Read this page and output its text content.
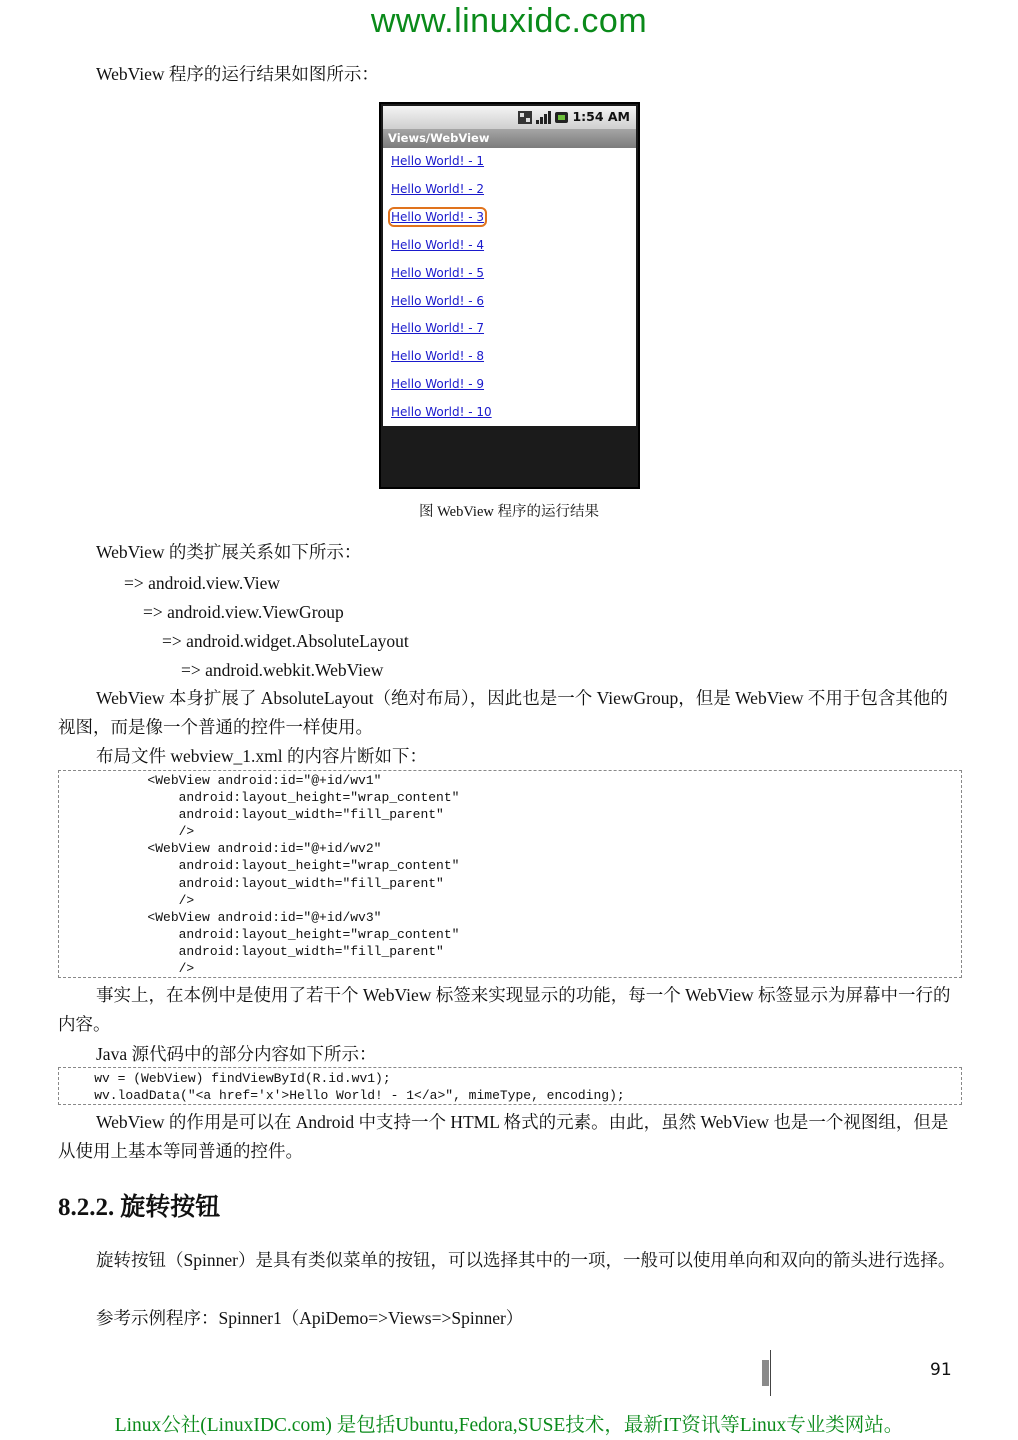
www.linuxidc.com
WebView 程序的运行结果如图所示：
1:54 AM
Views/WebView
Hello World! - 1
Hello World! - 2
Hello World! - 3
Hello World! - 4
Hello World! - 5
Hello World! - 6
Hello World! - 7
Hello World! - 8
Hello World! - 9
Hello World! - 10
图 WebView 程序的运行结果
WebView 的类扩展关系如下所示：
=> android.view.View
=> android.view.ViewGroup
=> android.widget.AbsoluteLayout
=> android.webkit.WebView
WebView 本身扩展了 AbsoluteLayout（绝对布局），因此也是一个 ViewGroup，但是 WebView 不用于包含其他的视图，而是像一个普通的控件一样使用。
布局文件 webview_1.xml 的内容片断如下：
<WebView android:id="@+id/wv1"
android:layout_height="wrap_content"
android:layout_width="fill_parent"
/>
<WebView android:id="@+id/wv2"
android:layout_height="wrap_content"
android:layout_width="fill_parent"
/>
<WebView android:id="@+id/wv3"
android:layout_height="wrap_content"
android:layout_width="fill_parent"
/>
事实上，在本例中是使用了若干个 WebView 标签来实现显示的功能，每一个 WebView 标签显示为屏幕中一行的内容。
Java 源代码中的部分内容如下所示：
wv = (WebView) findViewById(R.id.wv1);
wv.loadData("<a href='x'>Hello World! - 1</a>", mimeType, encoding);
WebView 的作用是可以在 Android 中支持一个 HTML 格式的元素。由此，虽然 WebView 也是一个视图组，但是从使用上基本等同普通的控件。
8.2.2. 旋转按钮
旋转按钮（Spinner）是具有类似菜单的按钮，可以选择其中的一项，一般可以使用单向和双向的箭头进行选择。
参考示例程序：Spinner1（ApiDemo=>Views=>Spinner）
91
Linux公社(LinuxIDC.com) 是包括Ubuntu,Fedora,SUSE技术，最新IT资讯等Linux专业类网站。
